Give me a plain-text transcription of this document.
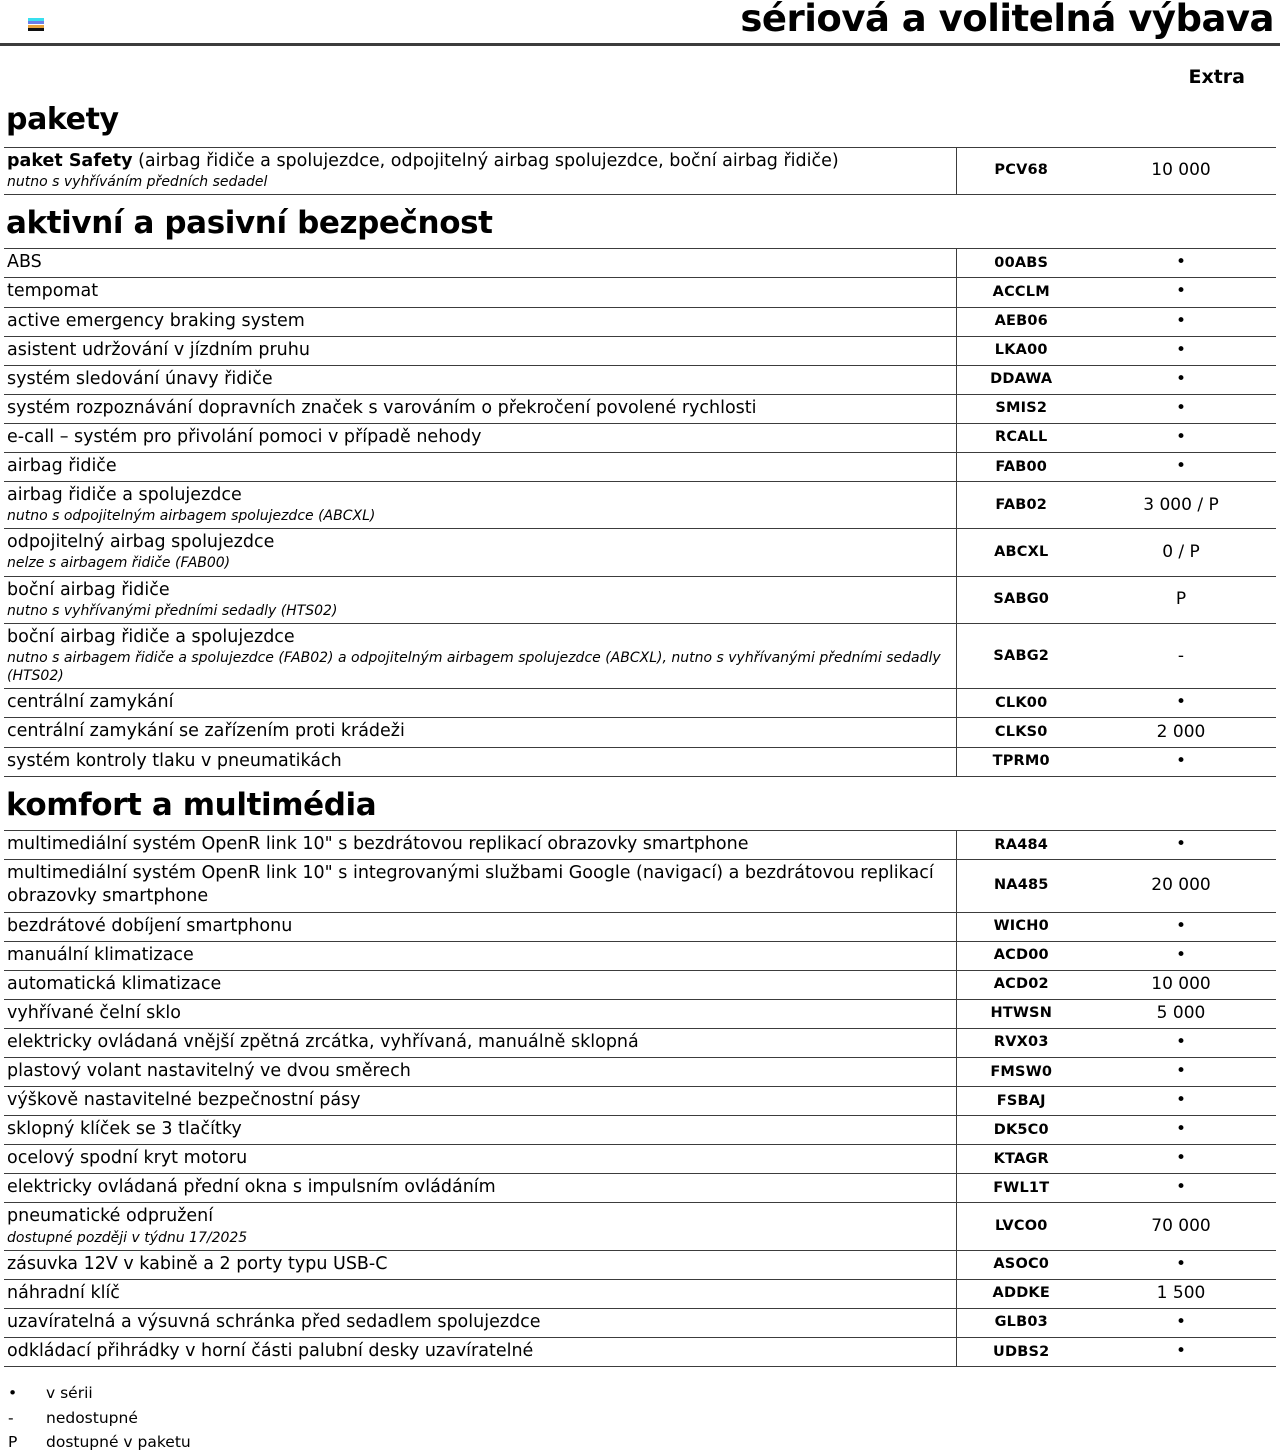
sériová a volitelná výbava
Extra
pakety
paket Safety (airbag řidiče a spolujezdce, odpojitelný airbag spolujezdce, boční airbag řidiče)
nutno s vyhříváním předních sedadel
	PCV68	10 000
aktivní a pasivní bezpečnost
ABS	00ABS	•

tempomat	ACCLM	•

active emergency braking system	AEB06	•

asistent udržování v jízdním pruhu	LKA00	•

systém sledování únavy řidiče	DDAWA	•

systém rozpoznávání dopravních značek s varováním o překročení povolené rychlosti	SMIS2	•

e-call – systém pro přivolání pomoci v případě nehody	RCALL	•

airbag řidiče	FAB00	•

airbag řidiče a spolujezdce
nutno s odpojitelným airbagem spolujezdce (ABCXL)	FAB02	3 000 / P

odpojitelný airbag spolujezdce
nelze s airbagem řidiče (FAB00)	ABCXL	0 / P

boční airbag řidiče
nutno s vyhřívanými předními sedadly (HTS02)	SABG0	P

boční airbag řidiče a spolujezdce
nutno s airbagem řidiče a spolujezdce (FAB02) a odpojitelným airbagem spolujezdce (ABCXL), nutno s vyhřívanými předními sedadly (HTS02)	SABG2	-

centrální zamykání	CLK00	•

centrální zamykání se zařízením proti krádeži	CLKS0	2 000

systém kontroly tlaku v pneumatikách	TPRM0	•
komfort a multimédia
multimediální systém OpenR link 10" s bezdrátovou replikací obrazovky smartphone	RA484	•

multimediální systém OpenR link 10" s integrovanými službami Google (navigací) a bezdrátovou replikací obrazovky smartphone	NA485	20 000

bezdrátové dobíjení smartphonu	WICH0	•

manuální klimatizace	ACD00	•

automatická klimatizace	ACD02	10 000

vyhřívané čelní sklo	HTWSN	5 000

elektricky ovládaná vnější zpětná zrcátka, vyhřívaná, manuálně sklopná	RVX03	•

plastový volant nastavitelný ve dvou směrech	FMSW0	•

výškově nastavitelné bezpečnostní pásy	FSBAJ	•

sklopný klíček se 3 tlačítky	DK5C0	•

ocelový spodní kryt motoru	KTAGR	•

elektricky ovládaná přední okna s impulsním ovládáním	FWL1T	•

pneumatické odpružení
dostupné později v týdnu 17/2025	LVCO0	70 000

zásuvka 12V v kabině a 2 porty typu USB-C	ASOC0	•

náhradní klíč	ADDKE	1 500

uzavíratelná a výsuvná schránka před sedadlem spolujezdce	GLB03	•

odkládací přihrádky v horní části palubní desky uzavíratelné	UDBS2	•
•	v sérii
-	nedostupné
P	dostupné v paketu
